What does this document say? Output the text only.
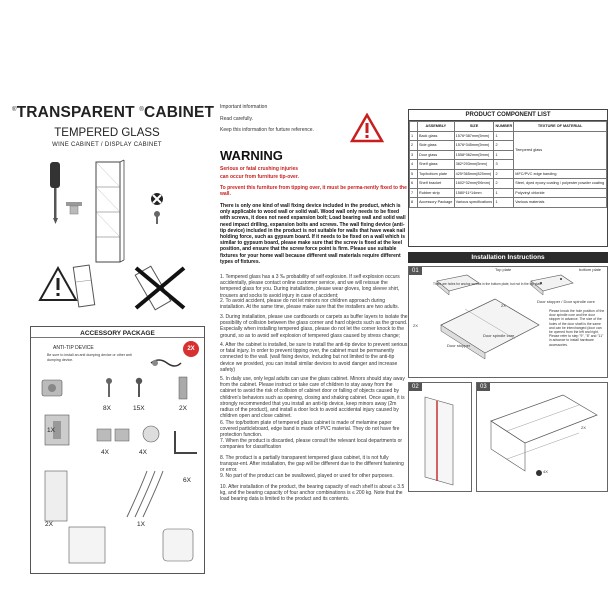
®TRANSPARENT ®CABINET
TEMPERED GLASS
WINE CABINET / DISPLAY CABINET
ACCESSORY PACKAGE
ANTI-TIP DEVICE
Be sure to install an anti dumping device or other anti dumping device.
2X
8X	15X	2X
1X
4X	4X
6X
2X	1X
Important information
Read carefully.
Keep this information for furture reference.
WARNING
Serious or fatal crushing injuries
can occur from furniture tip-over.
To prevent this furniture from tipping over, it must be perma-nently fixed to the wall.
There is only one kind of wall fixing device included in the product, which is only applicable to wood wall or solid wall. Wood wall only needs to be fixed with screws, it does not need expansion bolt; Load bearing wall and solid wall need impact drilling, expansion bolts and screws. The wall fixing device (anti-tip device) included in the product is not suitable for walls that have weak nail holding force, such as gypsum board. If it needs to be fixed on a wall which is similar to gypsum board, please make sure that the screw is fixed at the keel position, and ensure that the screw force point is firm. Please use suitable fixtures for your home wall because different wall materials require different types of fixtures.
1. Tempered glass has a 3 ‰ probability of self explosion. If self explosion occurs accidentally, please contact online customer service, and we will reissue the tempered glass for you. During installation, please wear gloves, long sleeve shirt, trousers and socks to avoid injury in case of accident;
2. To avoid accident, please do not let minors nor children approach during installation. At the same time, please make sure that the installers are two adults.
3. During installation, please use cardboards or carpets as buffer layers to isolate the possibility of collision between the glass corner and hard objects such as the ground. Especially when installing tempered glass, please do not let the corner knock to the ground, so as to avoid self explosion of tempered glass caused by stress change;
4. After the cabinet is installed, be sure to install the anti-tip device to prevent serious or fatal injury. In order to prevent tipping over, the cabinet must be permanently connected to the wall. (wall fixing device, including but not limited to the anti-tip device we provided, you can install similar devices to avoid danger and increase safety)
5. In daily use, only legal adults can use the glass cabinet. Minors should stay away from the cabinet. Please instruct or take care of children to stay away from the cabinet to avoid the risk of collision of cabinet door or falling of objects caused by children's behaviors such as opening, closing and shaking cabinet. Once again, it is strongly recommended that you install an anti-tip device, keep minors away (2m radius of the product), and install a door lock to avoid accidental injury caused by children open and close cabinet.
6. The top/bottom plate of tempered glass cabinet is made of melamine paper covered particleboard, edge band is made of PVC material. They do not have fire protection function.
7. When the product is discarded, please consult the relevant local departments or companies for classification
8. The product is a partially transparent tempered glass cabinet, it is not fully transpar-ent. After installation, the gap will be different due to the different fastening or error.
9. No part of the product can be swallowed, played or used for other purposes.
10. After installation of the product, the bearing capacity of each shelf is about ≤ 3.5 kg, and the bearing capacity of four anchor combinations is ≤ 200 kg. Note that the load bearing data is limited to the product and its contents.
PRODUCT COMPONENT LIST
	ASSEMBLY	SIZE	NUMBER	TEXTURE OF MATERIAL
1	Back glass	1576*387mm(5mm)	1	Tempered glass
2	Side glass	1576*345mm(5mm)	2	
3	Door glass	1558*362mm(5mm)	1	
4	Shelf glass	382*293mm(5mm)	3	
5	Top/bottom plate	425*365mm(825mm)	2	MFC/PVC edge banding
6	Shelf bracket	1602*32mm(Φ6mm)	2	Steel, dyed epoxy coating / polyester powder coating
7	Rubber strip	1580*11*14mm	1	Polyvinyl chloride
8	Accessory Package	Various specifications	1	Various materials
Installation Instructions
01	Top plate	bottom plate
There are holes for anchor screws in the bottom plate, but not in the top plate.
2X
2X
Door stopper
Door spindle core
Door stopper / Door spindle core
Please knock the hole position of the door spindle core and the door stopper in advance. The size of the holes of the door shaft is the same and can be interchanged (door can be opened from the left and right. Please refer to step "9", "8" and "11" in advance to install hardware accessories.
02	03
2X
4X
